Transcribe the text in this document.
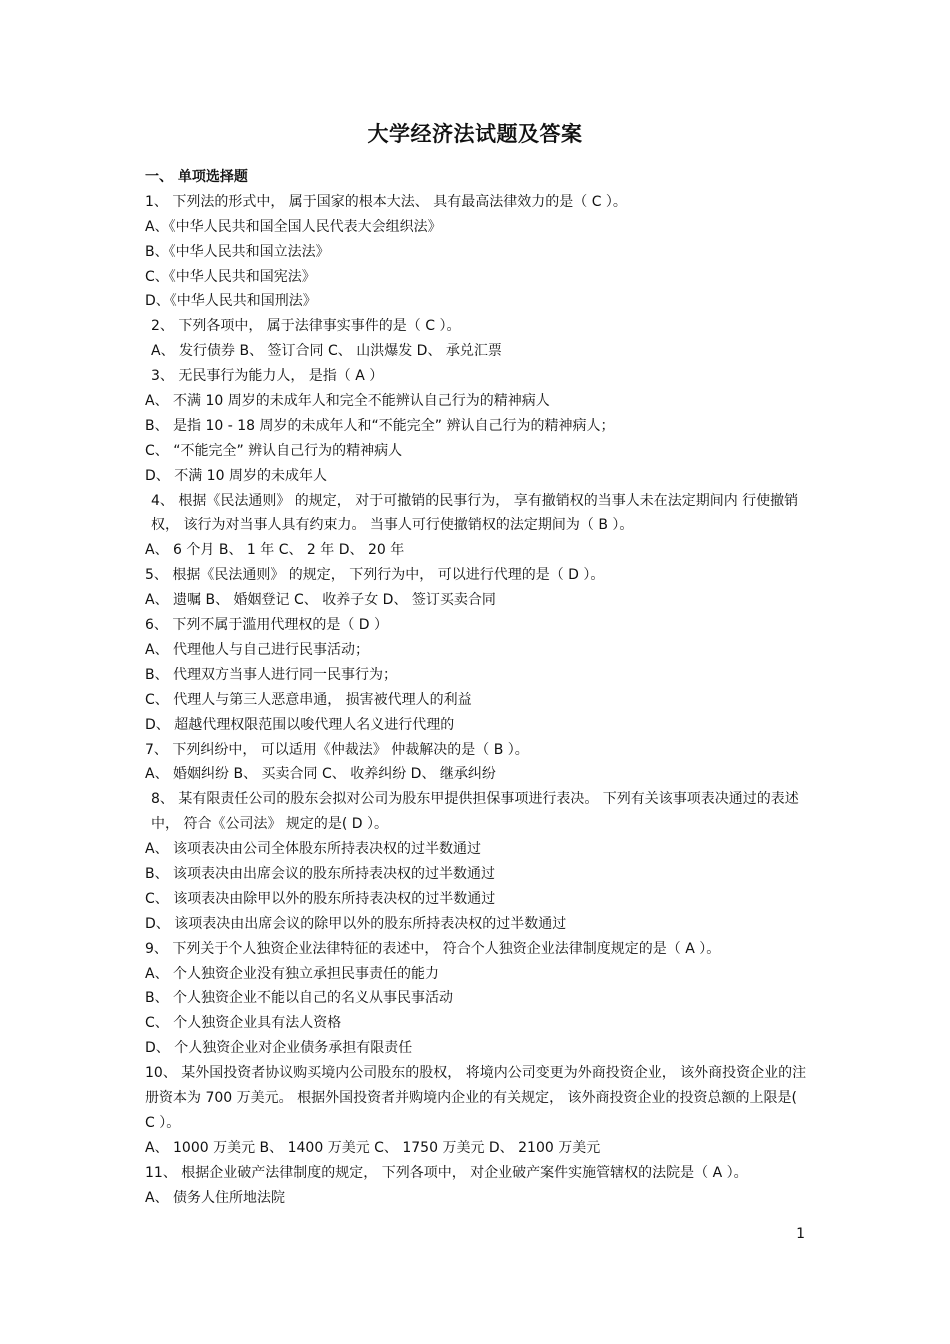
大学经济法试题及答案
一、 单项选择题
1、 下列法的形式中， 属于国家的根本大法、 具有最高法律效力的是（ C ）。
A、《中华人民共和国全国人民代表大会组织法》
B、《中华人民共和国立法法》
C、《中华人民共和国宪法》
D、《中华人民共和国刑法》
2、 下列各项中， 属于法律事实事件的是（ C ）。
A、 发行债券 B、 签订合同 C、 山洪爆发 D、 承兑汇票
3、 无民事行为能力人， 是指（ A ）
A、 不满 10 周岁的未成年人和完全不能辨认自己行为的精神病人
B、 是指 10 - 18 周岁的未成年人和“不能完全” 辨认自己行为的精神病人；
C、 “不能完全” 辨认自己行为的精神病人
D、 不满 10 周岁的未成年人
4、 根据《民法通则》 的规定， 对于可撤销的民事行为， 享有撤销权的当事人未在法定期间内 行使撤销权， 该行为对当事人具有约束力。 当事人可行使撤销权的法定期间为（ B ）。
A、 6 个月 B、 1 年 C、 2 年 D、 20 年
5、 根据《民法通则》 的规定， 下列行为中， 可以进行代理的是（ D ）。
A、 遗嘱 B、 婚姻登记 C、 收养子女 D、 签订买卖合同
6、 下列不属于滥用代理权的是（ D ）
A、 代理他人与自己进行民事活动；
B、 代理双方当事人进行同一民事行为；
C、 代理人与第三人恶意串通， 损害被代理人的利益
D、 超越代理权限范围以唆代理人名义进行代理的
7、 下列纠纷中， 可以适用《仲裁法》 仲裁解决的是（ B ）。
A、 婚姻纠纷 B、 买卖合同 C、 收养纠纷 D、 继承纠纷
8、 某有限责任公司的股东会拟对公司为股东甲提供担保事项进行表决。 下列有关该事项表决通过的表述中， 符合《公司法》 规定的是( D ）。
A、 该项表决由公司全体股东所持表决权的过半数通过
B、 该项表决由出席会议的股东所持表决权的过半数通过
C、 该项表决由除甲以外的股东所持表决权的过半数通过
D、 该项表决由出席会议的除甲以外的股东所持表决权的过半数通过
9、 下列关于个人独资企业法律特征的表述中， 符合个人独资企业法律制度规定的是（ A ）。
A、 个人独资企业没有独立承担民事责任的能力
B、 个人独资企业不能以自己的名义从事民事活动
C、 个人独资企业具有法人资格
D、 个人独资企业对企业债务承担有限责任
10、 某外国投资者协议购买境内公司股东的股权， 将境内公司变更为外商投资企业， 该外商投资企业的注册资本为 700 万美元。 根据外国投资者并购境内企业的有关规定， 该外商投资企业的投资总额的上限是( C ）。
A、 1000 万美元 B、 1400 万美元 C、 1750 万美元 D、 2100 万美元
11、 根据企业破产法律制度的规定， 下列各项中， 对企业破产案件实施管辖权的法院是（ A ）。
A、 债务人住所地法院
1
